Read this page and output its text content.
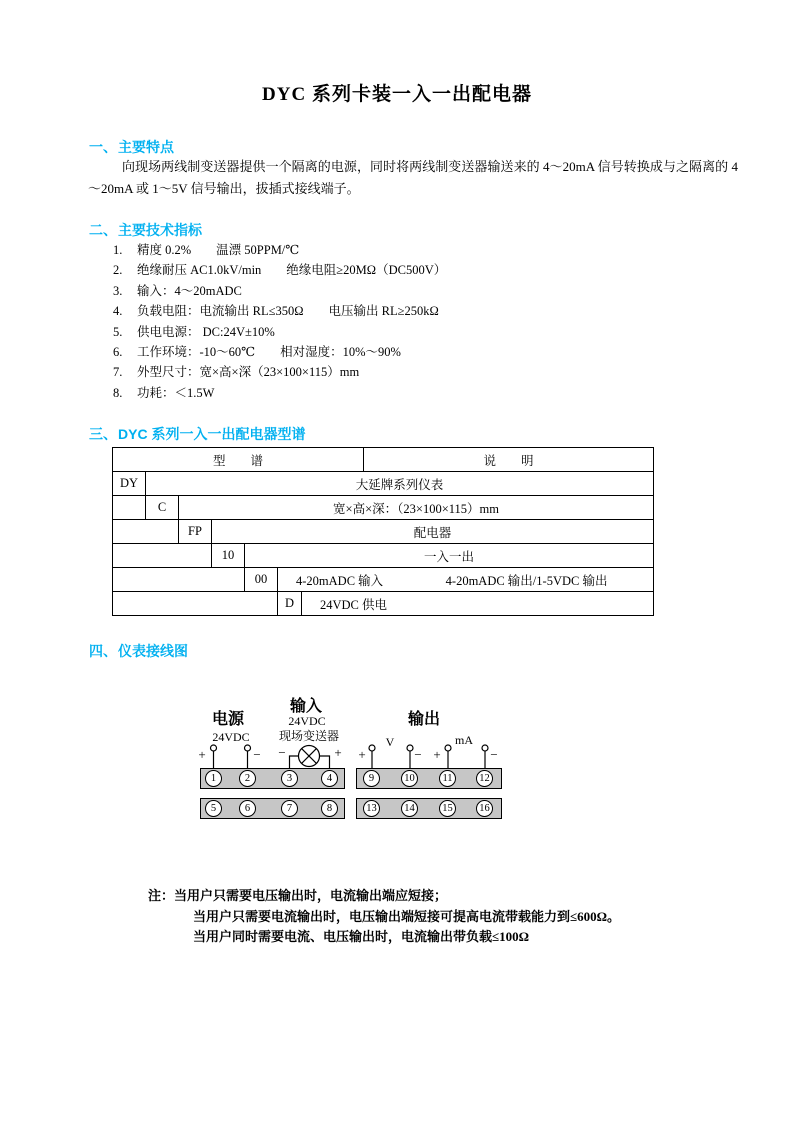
DYC 系列卡装一入一出配电器
一、主要特点
向现场两线制变送器提供一个隔离的电源，同时将两线制变送器输送来的 4～20mA 信号转换成与之隔离的 4～20mA 或 1～5V 信号输出，拔插式接线端子。
二、主要技术指标
1.	精度 0.2%　　温漂 50PPM/℃
2.	绝缘耐压 AC1.0kV/min　　绝缘电阻≥20MΩ（DC500V）
3.	输入：4～20mADC
4.	负载电阻：电流输出 RL≤350Ω　　电压输出 RL≥250kΩ
5.	供电电源： DC:24V±10%
6.	工作环境：-10～60℃　　相对湿度：10%～90%
7.	外型尺寸：宽×高×深（23×100×115）mm
8.	功耗：＜1.5W
三、DYC 系列一入一出配电器型谱
型　　谱							说　　明
DY	大延牌系列仪表						
	C	宽×高×深：（23×100×115）mm					
		FP	配电器				
			10	一入一出			
				00	4-20mADC 输入　　　　　4-20mADC 输出/1-5VDC 输出		
					D	24VDC 供电	
四、仪表接线图
电源
24VDC
输入
24VDC
现场变送器
输出
V	mA
+	−	−	+	+	− +	−
1	2	3	4	9	10	11	12
5	6	7	8	13	14	15	16
注： 当用户只需要电压输出时，电流输出端应短接；
当用户只需要电流输出时，电压输出端短接可提高电流带载能力到≤600Ω。
当用户同时需要电流、电压输出时，电流输出带负载≤100Ω
